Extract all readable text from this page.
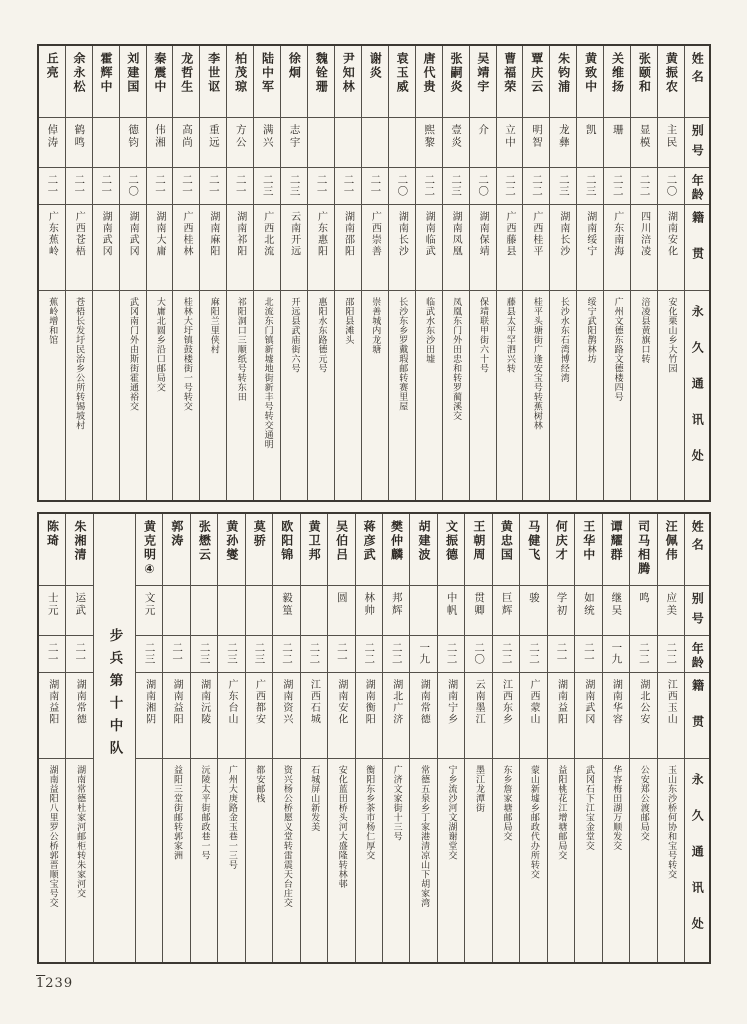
姓名
别号
年龄
籍贯
永久通讯处
黄振农
主民
二〇
湖南安化
安化栗山乡大竹园
张颐和
显模
二二
四川涪凌
涪凌县黄旗口转
关维扬
珊
二二
广东南海
广州文德东路文德楼四号
黄致中
凯
二三
湖南绥宁
绥宁武阳鹊林坊
朱钧浦
龙彝
二三
湖南长沙
长沙水东石湾博经湾
覃庆云
明智
二二
广西桂平
桂平头塘街广逢安宝号转蕉树林
曹福荣
立中
二二
广西藤县
藤县太平罕泗兴转
吴靖宇
介
二〇
湖南保靖
保靖联甲街六十号
张嗣炎
壹炎
二三
湖南凤凰
凤凰东门外田忠和转罗蔺溪交
唐代贵
熙黎
二二
湖南临武
临武水东沙田墟
袁玉威
二〇
湖南长沙
长沙东乡罗戴瑕邮转赛里屋
谢炎
二一
广西崇善
崇善城内龙塘
尹知林
二一
湖南邵阳
邵阳县滩头
魏铨珊
二一
广东惠阳
惠阳水东路德元号
徐炯
志宇
二三
云南开远
开远县武庙街六号
陆中军
满兴
二三
广西北流
北流东门镇新墟地街新丰号转交通明
柏茂琼
方公
二一
湖南祁阳
祁阳洞口三顺纸号转东田
李世讴
重远
二一
湖南麻阳
麻阳兰里侠村
龙哲生
高尚
二一
广西桂林
桂林大圩镇鼓楼街一号转交
秦震中
伟湘
二一
湖南大庸
大庸北圆乡沿口邮局交
刘建国
德钧
二〇
湖南武冈
武冈南门外由斯街霍通裕交
霍辉中
二一
湖南武冈
余永松
鹤鸣
二一
广西苍梧
苍梧长发圩民治乡公所转锡坡村
丘亮
倬涛
二一
广东蕉岭
蕉岭增和馆
姓名
别号
年龄
籍贯
永久通讯处
汪佩伟
应美
二二
江西玉山
玉山东沙桥何协和宝号转交
司马相腾
鸣
二二
湖北公安
公安郑公渡邮局交
谭耀群
继吴
一九
湖南华容
华容梅田湖万顺发交
王华中
如统
二一
湖南武冈
武冈石下江宝金堂交
何庆才
学初
二一
湖南益阳
益阳桃花江增塘邮局交
马健飞
骏
二二
广西蒙山
蒙山新墟乡邮政代办所转交
黄忠国
巨辉
二二
江西东乡
东乡詹家塘邮局交
王朝周
贯卿
二〇
云南墨江
墨江龙潭街
文振德
中帆
二二
湖南宁乡
宁乡流沙河文湖谢堂交
胡建波
一九
湖南常德
常德五泉乡丁家港清凉山下胡家湾
樊仲麟
邦辉
二二
湖北广济
广济文家街十三号
蒋彦武
林帅
二二
湖南衡阳
衡阳东乡茶市杨仁厚交
吴伯吕
圆
二一
湖南安化
安化蓝田桥头河大盛隆转林邨
黄卫邦
二二
江西石城
石城屏山新发美
欧阳锦
毅篁
二二
湖南资兴
资兴杨公桥愿义堂转雷震天台庄交
莫骄
二三
广西都安
都安邮栈
黄孙燮
二三
广东台山
广州大庚路金玉巷一三号
张懋云
二三
湖南沅陵
沅陵太平街邮政巷一号
郭涛
二一
湖南益阳
益阳三堂街邮转郭家洲
黄克明④
文元
二三
湖南湘阴
步兵第十中队
朱湘清
运武
二一
湖南常德
湖南常德杜家河邮柜转朱家河交
陈琦
士元
二一
湖南益阳
湖南益阳八里罗公桥郭晋顺宝号交
1239
